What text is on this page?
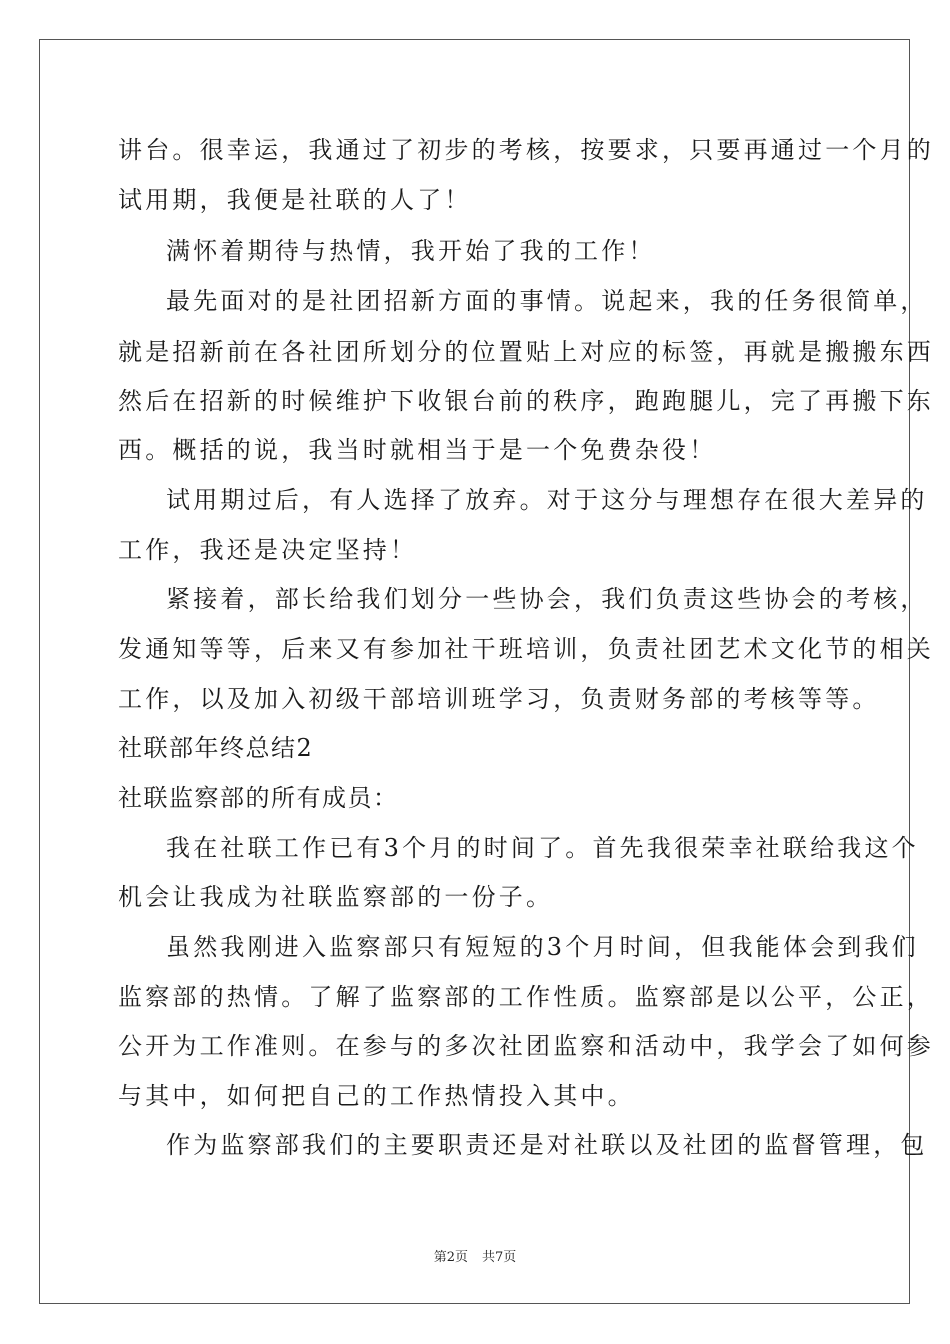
讲台。很幸运，我通过了初步的考核，按要求，只要再通过一个月的

试用期，我便是社联的人了！

满怀着期待与热情，我开始了我的工作！

最先面对的是社团招新方面的事情。说起来，我的任务很简单，

就是招新前在各社团所划分的位置贴上对应的标签，再就是搬搬东西

然后在招新的时候维护下收银台前的秩序，跑跑腿儿，完了再搬下东

西。概括的说，我当时就相当于是一个免费杂役！

试用期过后，有人选择了放弃。对于这分与理想存在很大差异的

工作，我还是决定坚持！

紧接着，部长给我们划分一些协会，我们负责这些协会的考核，

发通知等等，后来又有参加社干班培训，负责社团艺术文化节的相关

工作，以及加入初级干部培训班学习，负责财务部的考核等等。

社联部年终总结2

社联监察部的所有成员：

我在社联工作已有3个月的时间了。首先我很荣幸社联给我这个

机会让我成为社联监察部的一份子。

虽然我刚进入监察部只有短短的3个月时间，但我能体会到我们

监察部的热情。了解了监察部的工作性质。监察部是以公平，公正，

公开为工作准则。在参与的多次社团监察和活动中，我学会了如何参

与其中，如何把自己的工作热情投入其中。

作为监察部我们的主要职责还是对社联以及社团的监督管理，包

第2页 共7页
